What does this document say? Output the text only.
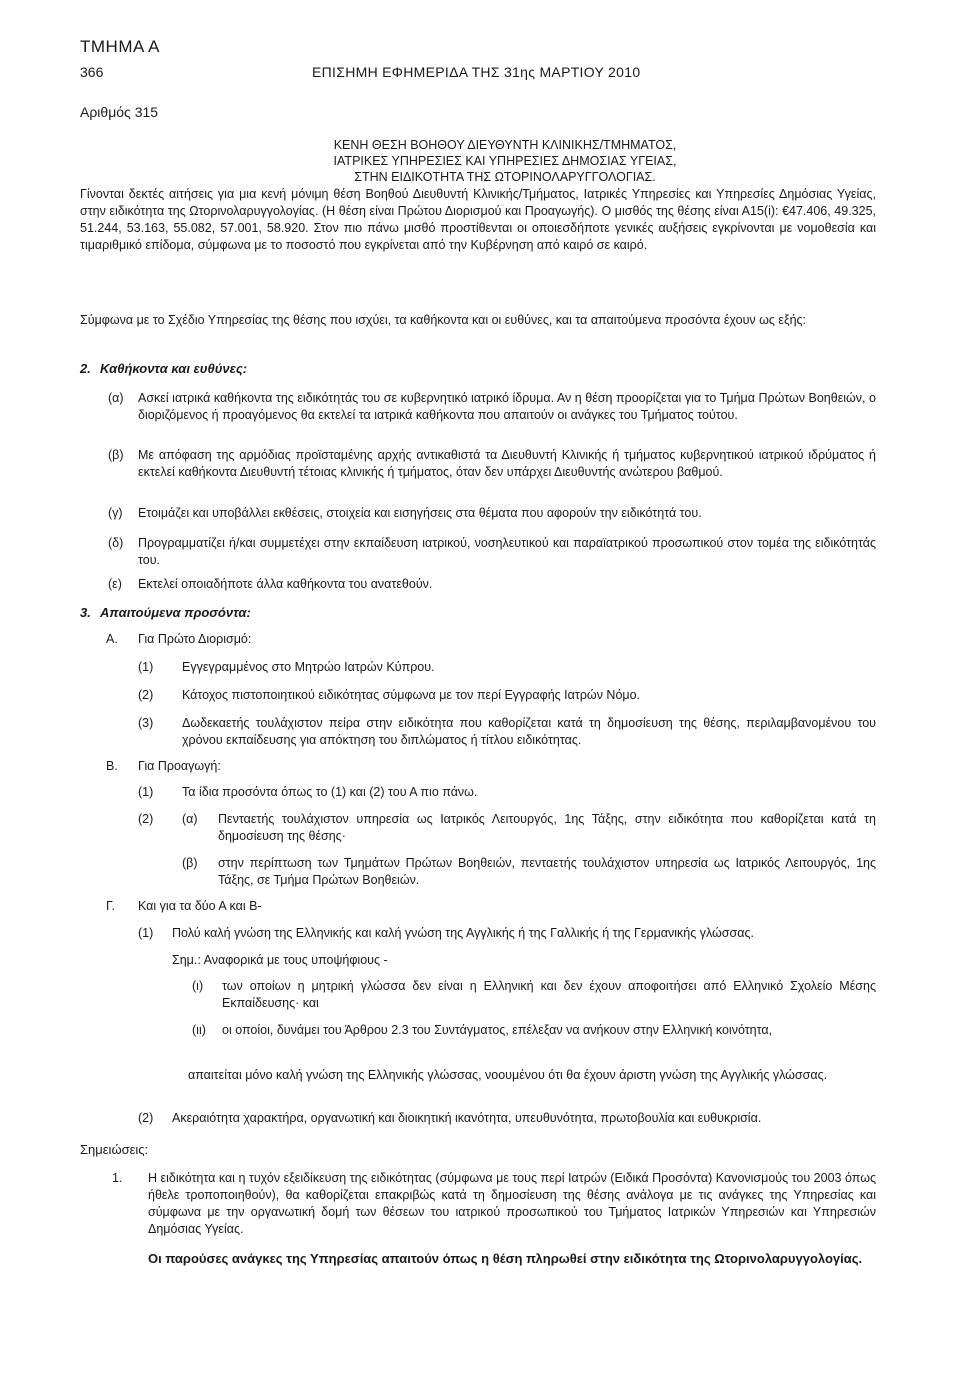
ΤΜΗΜΑ Α
366	ΕΠΙΣΗΜΗ ΕΦΗΜΕΡΙΔΑ ΤΗΣ 31ης ΜΑΡΤΙΟΥ 2010
Αριθμός 315
ΚΕΝΗ ΘΕΣΗ ΒΟΗΘΟΥ ΔΙΕΥΘΥΝΤΗ ΚΛΙΝΙΚΗΣ/ΤΜΗΜΑΤΟΣ,
ΙΑΤΡΙΚΕΣ ΥΠΗΡΕΣΙΕΣ ΚΑΙ ΥΠΗΡΕΣΙΕΣ ΔΗΜΟΣΙΑΣ ΥΓΕΙΑΣ,
ΣΤΗΝ ΕΙΔΙΚΟΤΗΤΑ ΤΗΣ ΩΤΟΡΙΝΟΛΑΡΥΓΓΟΛΟΓΙΑΣ.
Γίνονται δεκτές αιτήσεις για μια κενή μόνιμη θέση Βοηθού Διευθυντή Κλινικής/Τμήματος, Ιατρικές Υπηρεσίες και Υπηρεσίες Δημόσιας Υγείας, στην ειδικότητα της Ωτορινολαρυγγολογίας. (Η θέση είναι Πρώτου Διορισμού και Προαγωγής). Ο μισθός της θέσης είναι Α15(i): €47.406, 49.325, 51.244, 53.163, 55.082, 57.001, 58.920. Στον πιο πάνω μισθό προστίθενται οι οποιεσδήποτε γενικές αυξήσεις εγκρίνονται με νομοθεσία και τιμαριθμικό επίδομα, σύμφωνα με το ποσοστό που εγκρίνεται από την Κυβέρνηση από καιρό σε καιρό.
Σύμφωνα με το Σχέδιο Υπηρεσίας της θέσης που ισχύει, τα καθήκοντα και οι ευθύνες, και τα απαιτούμενα προσόντα έχουν ως εξής:
2. Καθήκοντα και ευθύνες:
(α) Ασκεί ιατρικά καθήκοντα της ειδικότητάς του σε κυβερνητικό ιατρικό ίδρυμα. Αν η θέση προορίζεται για το Τμήμα Πρώτων Βοηθειών, ο διοριζόμενος ή προαγόμενος θα εκτελεί τα ιατρικά καθήκοντα που απαιτούν οι ανάγκες του Τμήματος τούτου.
(β) Με απόφαση της αρμόδιας προϊσταμένης αρχής αντικαθιστά τα Διευθυντή Κλινικής ή τμήματος κυβερνητικού ιατρικού ιδρύματος ή εκτελεί καθήκοντα Διευθυντή τέτοιας κλινικής ή τμήματος, όταν δεν υπάρχει Διευθυντής ανώτερου βαθμού.
(γ) Ετοιμάζει και υποβάλλει εκθέσεις, στοιχεία και εισηγήσεις στα θέματα που αφορούν την ειδικότητά του.
(δ) Προγραμματίζει ή/και συμμετέχει στην εκπαίδευση ιατρικού, νοσηλευτικού και παραϊατρικού προσωπικού στον τομέα της ειδικότητάς του.
(ε) Εκτελεί οποιαδήποτε άλλα καθήκοντα του ανατεθούν.
3. Απαιτούμενα προσόντα:
Α. Για Πρώτο Διορισμό:
(1) Εγγεγραμμένος στο Μητρώο Ιατρών Κύπρου.
(2) Κάτοχος πιστοποιητικού ειδικότητας σύμφωνα με τον περί Εγγραφής Ιατρών Νόμο.
(3) Δωδεκαετής τουλάχιστον πείρα στην ειδικότητα που καθορίζεται κατά τη δημοσίευση της θέσης, περιλαμβανομένου του χρόνου εκπαίδευσης για απόκτηση του διπλώματος ή τίτλου ειδικότητας.
Β. Για Προαγωγή:
(1) Τα ίδια προσόντα όπως το (1) και (2) του Α πιο πάνω.
(2) (α) Πενταετής τουλάχιστον υπηρεσία ως Ιατρικός Λειτουργός, 1ης Τάξης, στην ειδικότητα που καθορίζεται κατά τη δημοσίευση της θέσης·
(β) στην περίπτωση των Τμημάτων Πρώτων Βοηθειών, πενταετής τουλάχιστον υπηρεσία ως Ιατρικός Λειτουργός, 1ης Τάξης, σε Τμήμα Πρώτων Βοηθειών.
Γ. Και για τα δύο Α και Β-
(1) Πολύ καλή γνώση της Ελληνικής και καλή γνώση της Αγγλικής ή της Γαλλικής ή της Γερμανικής γλώσσας.
Σημ.: Αναφορικά με τους υποψήφιους -
(ι) των οποίων η μητρική γλώσσα δεν είναι η Ελληνική και δεν έχουν αποφοιτήσει από Ελληνικό Σχολείο Μέσης Εκπαίδευσης· και
(ιι) οι οποίοι, δυνάμει του Άρθρου 2.3 του Συντάγματος, επέλεξαν να ανήκουν στην Ελληνική κοινότητα,
απαιτείται μόνο καλή γνώση της Ελληνικής γλώσσας, νοουμένου ότι θα έχουν άριστη γνώση της Αγγλικής γλώσσας.
(2) Ακεραιότητα χαρακτήρα, οργανωτική και διοικητική ικανότητα, υπευθυνότητα, πρωτοβουλία και ευθυκρισία.
Σημειώσεις:
1. Η ειδικότητα και η τυχόν εξειδίκευση της ειδικότητας (σύμφωνα με τους περί Ιατρών (Ειδικά Προσόντα) Κανονισμούς του 2003 όπως ήθελε τροποποιηθούν), θα καθορίζεται επακριβώς κατά τη δημοσίευση της θέσης ανάλογα με τις ανάγκες της Υπηρεσίας και σύμφωνα με την οργανωτική δομή των θέσεων του ιατρικού προσωπικού του Τμήματος Ιατρικών Υπηρεσιών και Υπηρεσιών Δημόσιας Υγείας.
Οι παρούσες ανάγκες της Υπηρεσίας απαιτούν όπως η θέση πληρωθεί στην ειδικότητα της Ωτορινολαρυγγολογίας.
